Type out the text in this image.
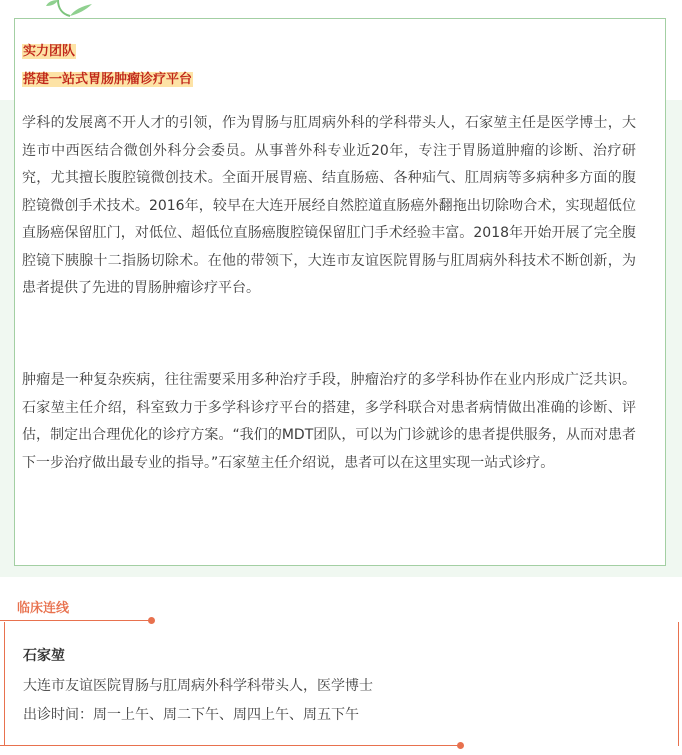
实力团队
搭建一站式胃肠肿瘤诊疗平台

学科的发展离不开人才的引领，作为胃肠与肛周病外科的学科带头人，石家堃主任是医学博士，大连市中西医结合微创外科分会委员。从事普外科专业近20年，专注于胃肠道肿瘤的诊断、治疗研究，尤其擅长腹腔镜微创技术。全面开展胃癌、结直肠癌、各种疝气、肛周病等多病种多方面的腹腔镜微创手术技术。2016年，较早在大连开展经自然腔道直肠癌外翻拖出切除吻合术，实现超低位直肠癌保留肛门，对低位、超低位直肠癌腹腔镜保留肛门手术经验丰富。2018年开始开展了完全腹腔镜下胰腺十二指肠切除术。在他的带领下，大连市友谊医院胃肠与肛周病外科技术不断创新，为患者提供了先进的胃肠肿瘤诊疗平台。

肿瘤是一种复杂疾病，往往需要采用多种治疗手段，肿瘤治疗的多学科协作在业内形成广泛共识。石家堃主任介绍，科室致力于多学科诊疗平台的搭建，多学科联合对患者病情做出准确的诊断、评估，制定出合理优化的诊疗方案。“我们的MDT团队，可以为门诊就诊的患者提供服务，从而对患者下一步治疗做出最专业的指导。”石家堃主任介绍说，患者可以在这里实现一站式诊疗。

临床连线
石家堃
大连市友谊医院胃肠与肛周病外科学科带头人，医学博士
出诊时间：周一上午、周二下午、周四上午、周五下午
